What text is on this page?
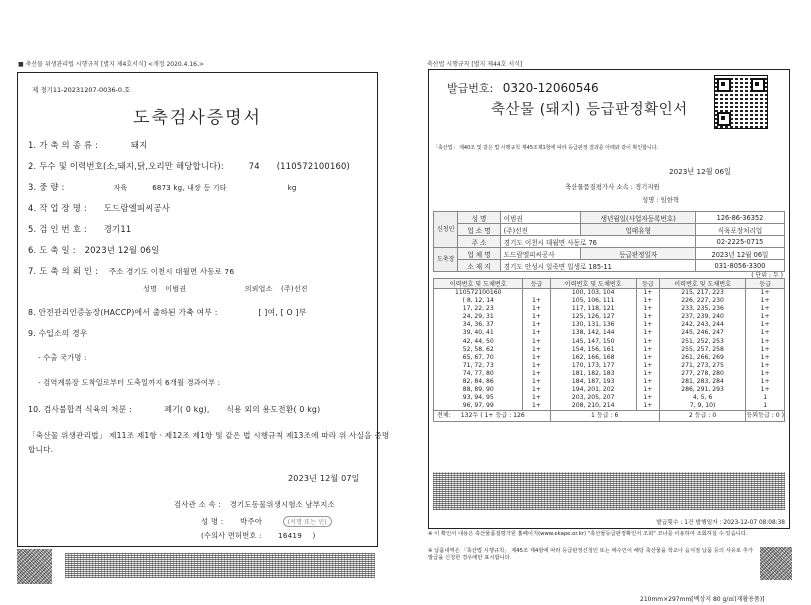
■ 축산물 위생관리법 시행규칙 [별지 제4호서식] <개정 2020.4.16.>
제 경기11-20231207-0036-0.호
도축검사증명서
1. 가 축 의 종 류 :	돼지
2. 두수 및 이력번호(소,돼지,닭,오리만 해당합니다):	74 (110572100160)
3. 중 량 :	자육	6873 kg, 내장 등 기타	kg
4. 작 업 장 명 : 도드람엘피씨공사
5. 검 인 번 호 : 경기11
6. 도 축 일 : 2023년 12월 06일
7. 도 축 의 뢰 인 : 주소 경기도 이천시 대월면 사동로 76
성명 이범권	의뢰업소 (주)선진
8. 안전관리인증농장(HACCP)에서 출하된 가축 여부 :	[ ]여, [ O ]부
9. 수입소의 경우
- 수출 국가명 :
- 검역계류장 도착일로부터 도축일까지 6개월 경과여부 :
10. 검사불합격 식육의 처분 :	폐기( 0 kg), 식용 외의 용도전환( 0 kg)
「축산물 위생관리법」 제11조 제1항 · 제12조 제1항 및 같은 법 시행규칙 제13조에 따라 위 사실을 증명
합니다.
2023년 12월 07일
검사관 소 속 : 경기도동물위생시험소 남부지소
성 명 : 박주아	(서명 또는 인)
(수의사 면허번호 : 16419 )
축산법 시행규칙 [별지 제44호 서식]
발급번호: 0320-12060546
축산물 (돼지) 등급판정확인서
「축산법」 제40조 및 같은 법 시행규칙 제45조제1항에 따라 등급판정 결과를 아래와 같이 확인합니다.
2023년 12월 06일
축산물품질평가사 소속 : 경기지원
성명 : 임한혁
신청인	성 명	이범권	생년월일(사업자등록번호)	126-86-36352
	업 소 명	(주)선진	업태유형	식육포장처리업
	주 소	경기도 이천시 대월면 사동로 76		02-2225-0715
도축장	업 체 명	도드람엘피씨공사	등급판정일자	2023년 12월 06일
	소 재 지	경기도 안성시 일죽면 일생로 185-11		031-8056-3300
( 단위 : 두 )
이력번호 및 도체번호	등급	이력번호 및 도체번호	등급	이력번호 및 도체번호	등급
110572100160		100, 103, 104	1+	215, 217, 223	1+
( 8, 12, 14	1+	105, 106, 111	1+	226, 227, 230	1+
17, 22, 23	1+	117, 118, 121	1+	233, 235, 236	1+
24, 29, 31	1+	125, 126, 127	1+	237, 239, 240	1+
34, 36, 37	1+	130, 131, 136	1+	242, 243, 244	1+
39, 40, 41	1+	138, 142, 144	1+	245, 246, 247	1+
42, 44, 50	1+	145, 147, 150	1+	251, 252, 253	1+
52, 58, 62	1+	154, 156, 161	1+	255, 257, 258	1+
65, 67, 70	1+	162, 166, 168	1+	261, 266, 269	1+
71, 72, 73	1+	170, 173, 177	1+	271, 273, 275	1+
74, 77, 80	1+	181, 182, 183	1+	277, 278, 280	1+
82, 84, 86	1+	184, 187, 193	1+	281, 283, 284	1+
88, 89, 90	1+	194, 201, 202	1+	286, 291, 293	1+
93, 94, 95	1+	203, 205, 207	1+	4, 5, 6	1
96, 97, 99	1+	208, 210, 214	1+	7, 9, 10)	1
전체: 132두 ( 1+ 등급 : 126		1 등급 : 6		2 등급 : 0	등외등급 : 0 )
발급횟수 : 1건 발행일자 : 2023-12-07 08:08:38
※ 이 확인서 내용은 축산물품질평가원 홈페이지(www.ekape.or.kr) "축산물등급판정확인서 조회" 코너를 이용하여 조회하실 수 있습니다.
※ 납품내역은 「축산법 시행규칙」 제45조 제4항에 따라 등급판정신청인 또는 매수인이 해당 축산물을 학교나 음식점 납품 등의 사유로 추가 발급을 신청한 경우에만 표시합니다.
210mm×297mm[백상지 80 g/㎡(재활용품)]
